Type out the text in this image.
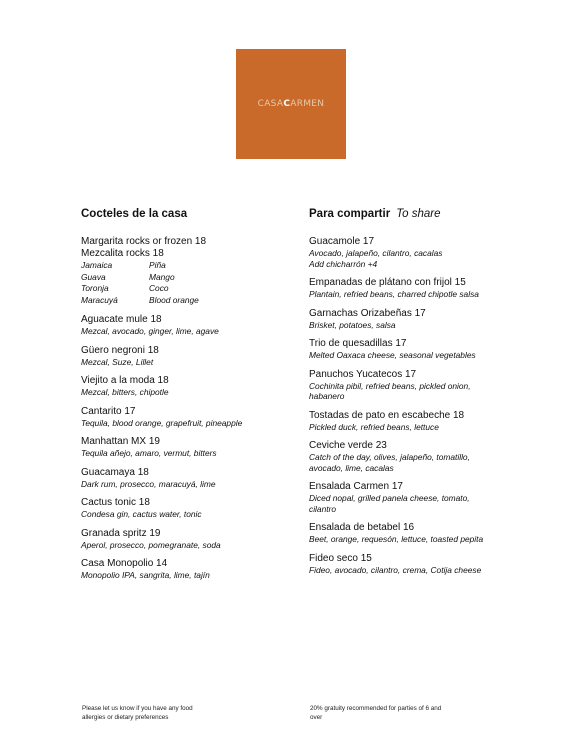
CASACARMEN
Cocteles de la casa
Margarita rocks or frozen 18
Mezcalita rocks 18
Jamaica	Piña
Guava	Mango
Toronja	Coco
Maracuyá	Blood orange
Aguacate mule 18
Mezcal, avocado, ginger, lime, agave
Güero negroni 18
Mezcal, Suze, Lillet
Viejito a la moda 18
Mezcal, bitters, chipotle
Cantarito 17
Tequila, blood orange, grapefruit, pineapple
Manhattan MX 19
Tequila añejo, amaro, vermut, bitters
Guacamaya 18
Dark rum, prosecco, maracuyá, lime
Cactus tonic 18
Condesa gin, cactus water, tonic
Granada spritz 19
Aperol, prosecco, pomegranate, soda
Casa Monopolio 14
Monopolio IPA, sangrita, lime, tajín
Para compartir To share
Guacamole 17
Avocado, jalapeño, cilantro, cacalas
Add chicharrón +4
Empanadas de plátano con frijol 15
Plantain, refried beans, charred chipotle salsa
Garnachas Orizabeñas 17
Brisket, potatoes, salsa
Trio de quesadillas 17
Melted Oaxaca cheese, seasonal vegetables
Panuchos Yucatecos 17
Cochinita pibil, refried beans, pickled onion,
habanero
Tostadas de pato en escabeche 18
Pickled duck, refried beans, lettuce
Ceviche verde 23
Catch of the day, olives, jalapeño, tomatillo,
avocado, lime, cacalas
Ensalada Carmen 17
Diced nopal, grilled panela cheese, tomato,
cilantro
Ensalada de betabel 16
Beet, orange, requesón, lettuce, toasted pepita
Fideo seco 15
Fideo, avocado, cilantro, crema, Cotija cheese
Please let us know if you have any food
allergies or dietary preferences
20% gratuity recommended for parties of 6 and
over
